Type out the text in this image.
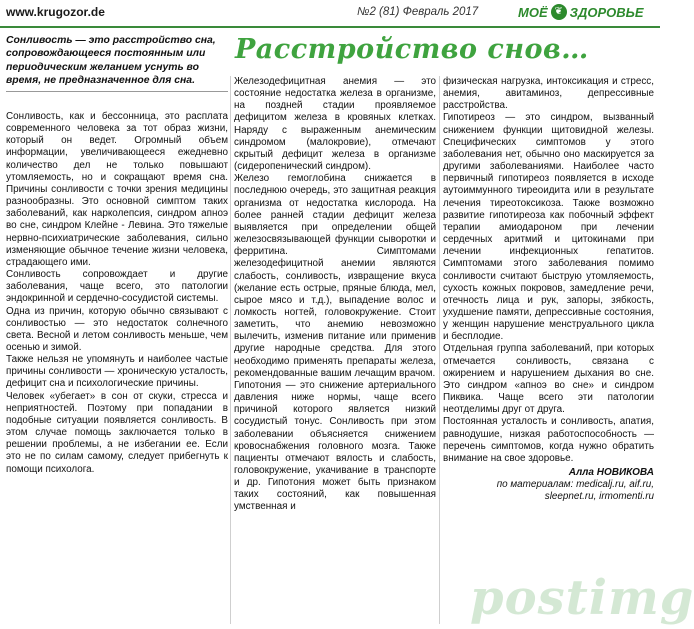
www.krugozor.de	№2 (81) Февраль 2017	МОЁ ❦ ЗДОРОВЬЕ
Расстройство снов…
Сонливость — это расстройство сна, сопровождающееся постоянным или периодическим желанием уснуть во время, не предназначенное для сна.

Сонливость, как и бессонница, это расплата современного человека за тот образ жизни, который он ведет. Огромный объем информации, увеличивающееся ежедневно количество дел не только повышают утомляемость, но и сокращают время сна. Причины сонливости с точки зрения медицины разнообразны. Это основной симптом таких заболеваний, как нарколепсия, синдром апноэ во сне, синдром Клейне - Левина. Это тяжелые нервно-психиатрические заболевания, сильно изменяющие обычное течение жизни человека, страдающего ими.

Сонливость сопровождает и другие заболевания, чаще всего, это патологии эндокринной и сердечно-сосудистой системы.

Одна из причин, которую обычно связывают с сонливостью — это недостаток солнечного света. Весной и летом сонливость меньше, чем осенью и зимой.

Также нельзя не упомянуть и наиболее частые причины сонливости — хроническую усталость, дефицит сна и психологические причины.

Человек «убегает» в сон от скуки, стресса и неприятностей. Поэтому при попадании в подобные ситуации появляется сонливость. В этом случае помощь заключается только в решении проблемы, а не избегании ее. Если это не по силам самому, следует прибегнуть к помощи психолога.

Железодефицитная анемия — это состояние недостатка железа в организме, на поздней стадии проявляемое дефицитом железа в кровяных клетках. Наряду с выраженным анемическим синдромом (малокровие), отмечают скрытый дефицит железа в организме (сидеропенический синдром).

Железо гемоглобина снижается в последнюю очередь, это защитная реакция организма от недостатка кислорода. На более ранней стадии дефицит железа выявляется при определении общей железосвязывающей функции сыворотки и ферритина. Симптомами железодефицитной анемии являются слабость, сонливость, извращение вкуса (желание есть острые, пряные блюда, мел, сырое мясо и т.д.), выпадение волос и ломкость ногтей, головокружение. Стоит заметить, что анемию невозможно вылечить, изменив питание или применив другие народные средства. Для этого необходимо применять препараты железа, рекомендованные вашим лечащим врачом.

Гипотония — это снижение артериального давления ниже нормы, чаще всего причиной которого является низкий сосудистый тонус. Сонливость при этом заболевании объясняется снижением кровоснабжения головного мозга. Также пациенты отмечают вялость и слабость, головокружение, укачивание в транспорте и др. Гипотония может быть признаком таких состояний, как повышенная умственная и

физическая нагрузка, интоксикация и стресс, анемия, авитаминоз, депрессивные расстройства.

Гипотиреоз — это синдром, вызванный снижением функции щитовидной железы. Специфических симптомов у этого заболевания нет, обычно оно маскируется за другими заболеваниями. Наиболее часто первичный гипотиреоз появляется в исходе аутоиммунного тиреоидита или в результате лечения тиреотоксикоза. Также возможно развитие гипотиреоза как побочный эффект терапии амиодароном при лечении сердечных аритмий и цитокинами при лечении инфекционных гепатитов. Симптомами этого заболевания помимо сонливости считают быструю утомляемость, сухость кожных покровов, замедление речи, отечность лица и рук, запоры, зябкость, ухудшение памяти, депрессивные состояния, у женщин нарушение менструального цикла и бесплодие.

Отдельная группа заболеваний, при которых отмечается сонливость, связана с ожирением и нарушением дыхания во сне. Это синдром «апноэ во сне» и синдром Пиквика. Чаще всего эти патологии неотделимы друг от друга.

Постоянная усталость и сонливость, апатия, равнодушие, низкая работоспособность — перечень симптомов, когда нужно обратить внимание на свое здоровье.

Алла НОВИКОВА
по материалам: medicalj.ru, aif.ru,
sleepnet.ru, irmomenti.ru
postimg
